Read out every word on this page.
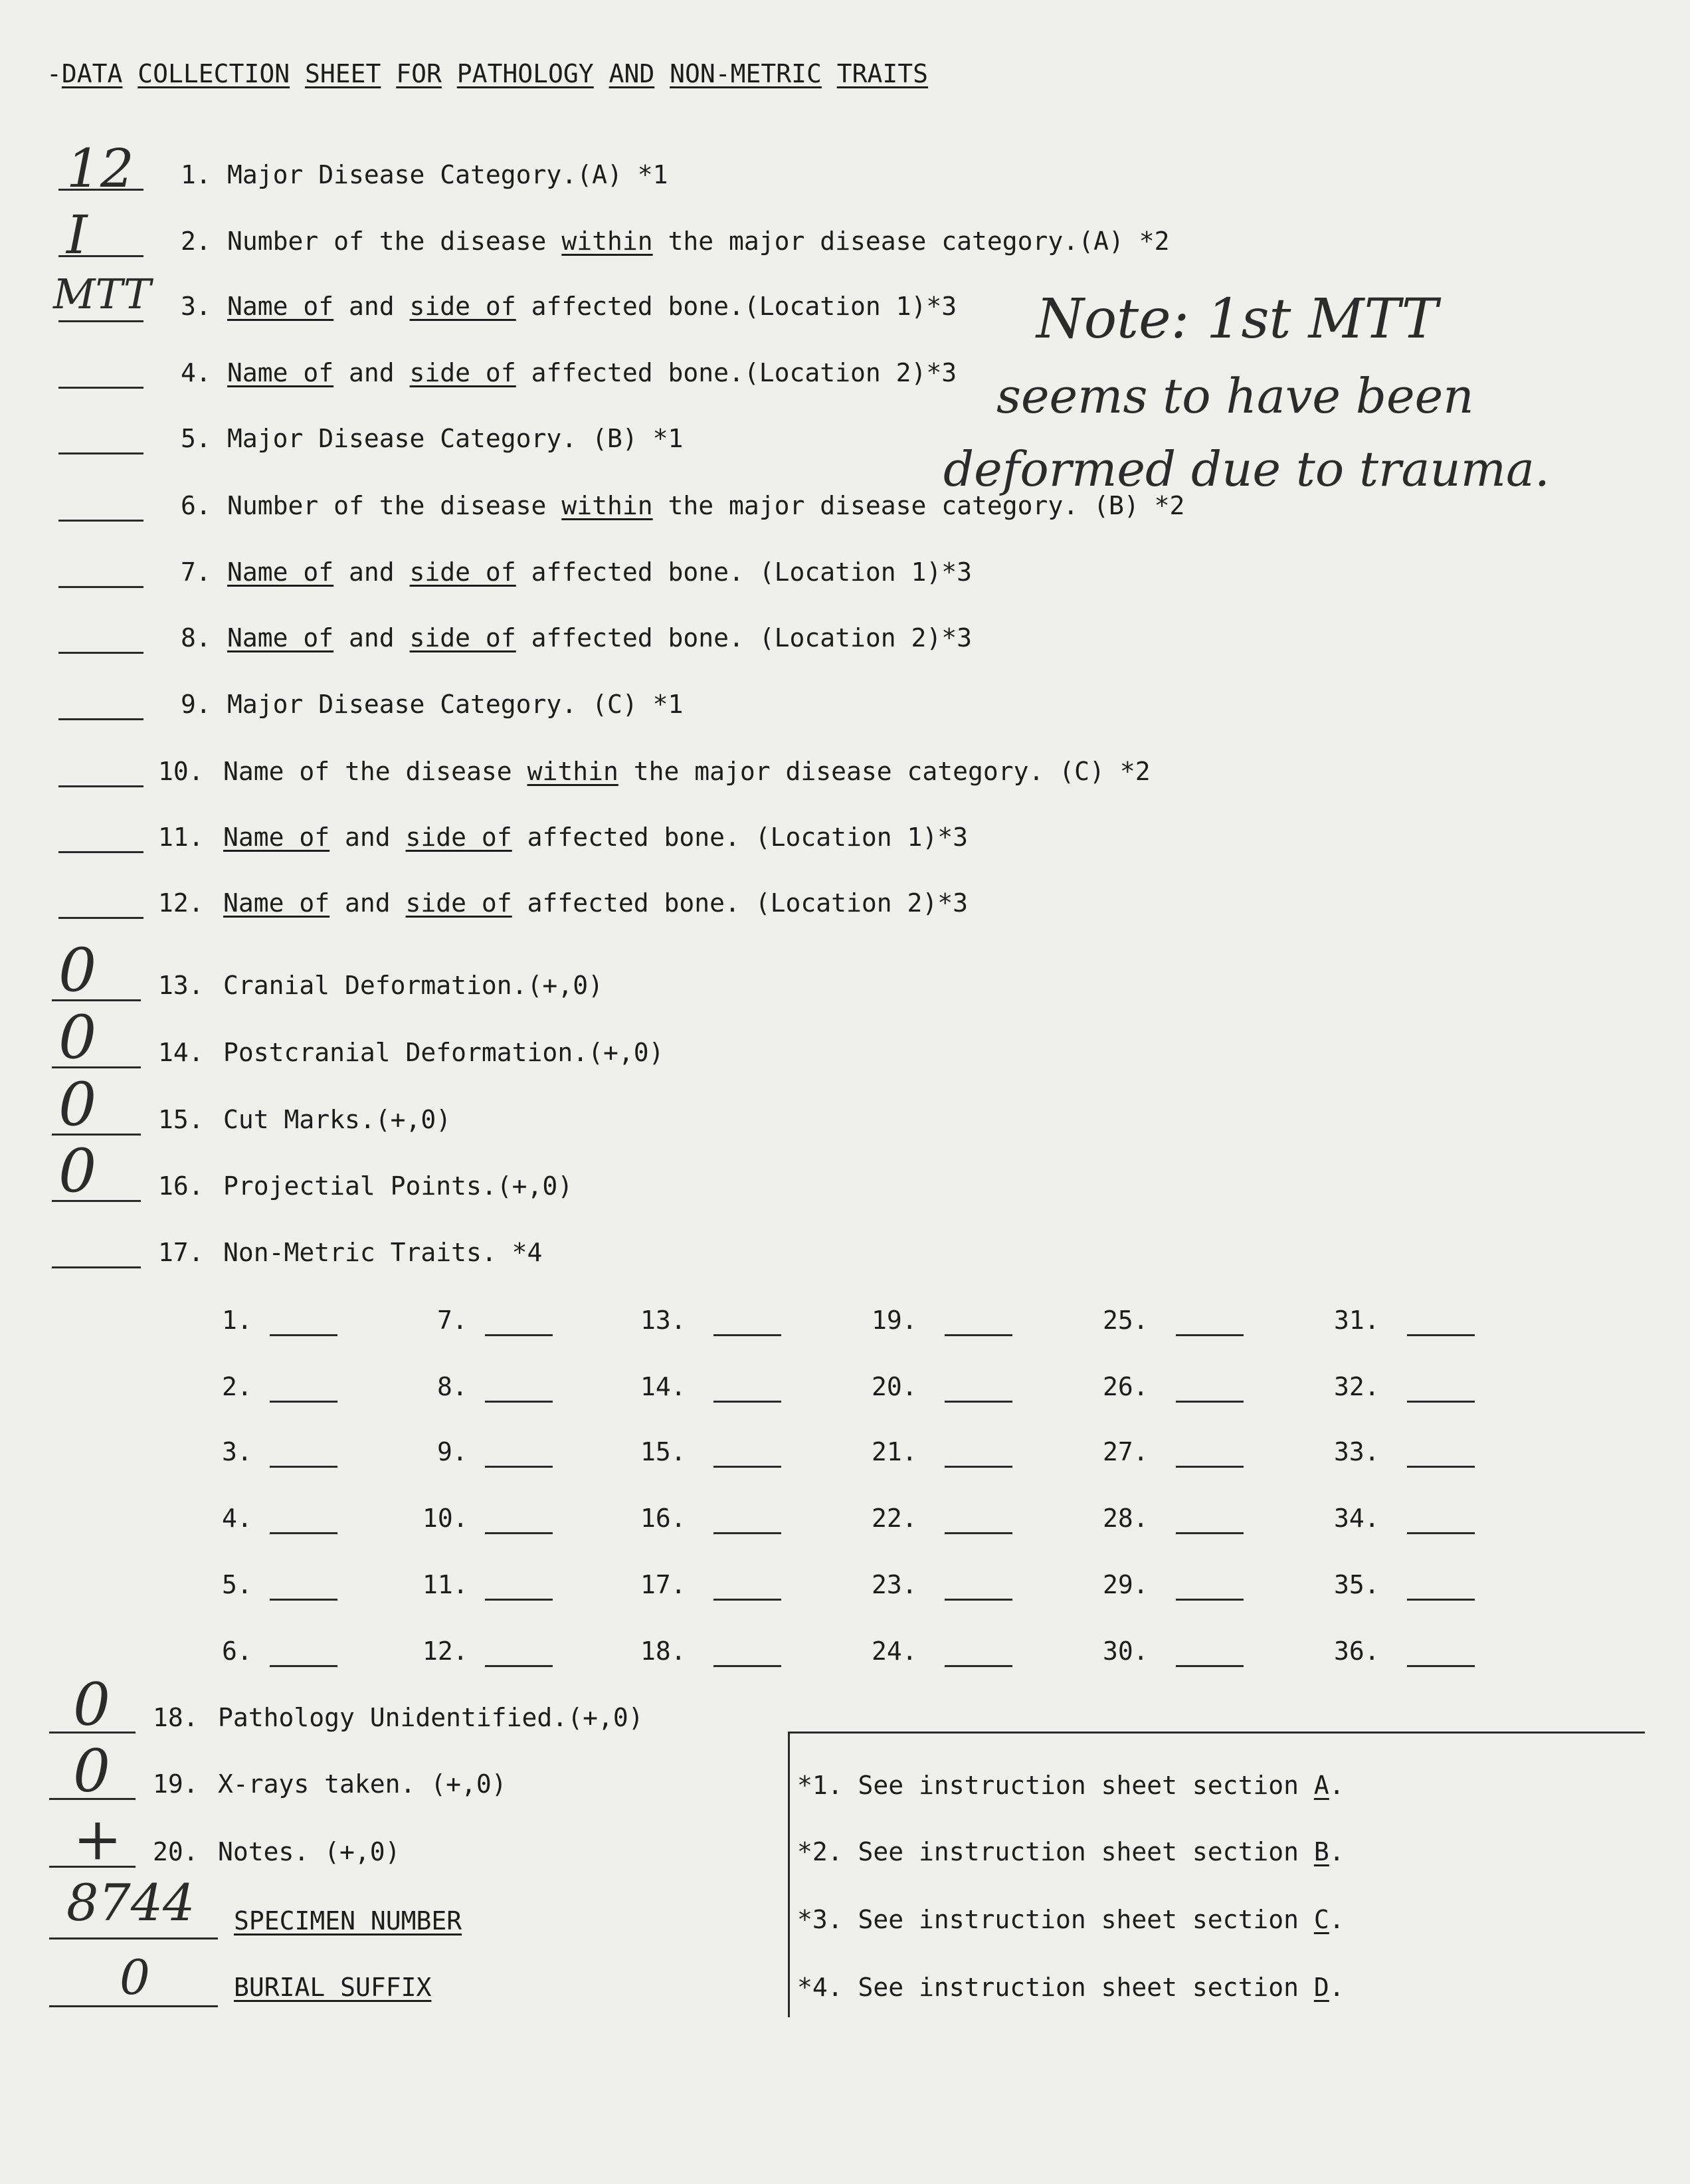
-DATA COLLECTION SHEET FOR PATHOLOGY AND NON-METRIC TRAITS
12 1. Major Disease Category.(A) *1
I	2. Number of the disease within the major disease category.(A) *2
MTT 3. Name of and side of affected bone.(Location 1)*3
4. Name of and side of affected bone.(Location 2)*3
5. Major Disease Category. (B) *1
6. Number of the disease within the major disease category. (B) *2
7. Name of and side of affected bone. (Location 1)*3
8. Name of and side of affected bone. (Location 2)*3
9. Major Disease Category. (C) *1
10. Name of the disease within the major disease category. (C) *2
11. Name of and side of affected bone. (Location 1)*3
12. Name of and side of affected bone. (Location 2)*3
0 13. Cranial Deformation.(+,0)
0 14. Postcranial Deformation.(+,0)
0 15. Cut Marks.(+,0)
0 16. Projectial Points.(+,0)
17. Non-Metric Traits. *4
Note: 1st MTT
seems to have been
deformed due to trauma.
1.
2.
3.
4.
5.
6.
7.
8.
9.
10.
11.
12.
13.
14.
15.
16.
17.
18.
19.
20.
21.
22.
23.
24.
25.
26.
27.
28.
29.
30.
31.
32.
33.
34.
35.
36.
0 18. Pathology Unidentified.(+,0)
0 19. X-rays taken. (+,0)
+ 20. Notes. (+,0)
8744 SPECIMEN NUMBER
0	BURIAL SUFFIX
*1. See instruction sheet section A.
*2. See instruction sheet section B.
*3. See instruction sheet section C.
*4. See instruction sheet section D.
